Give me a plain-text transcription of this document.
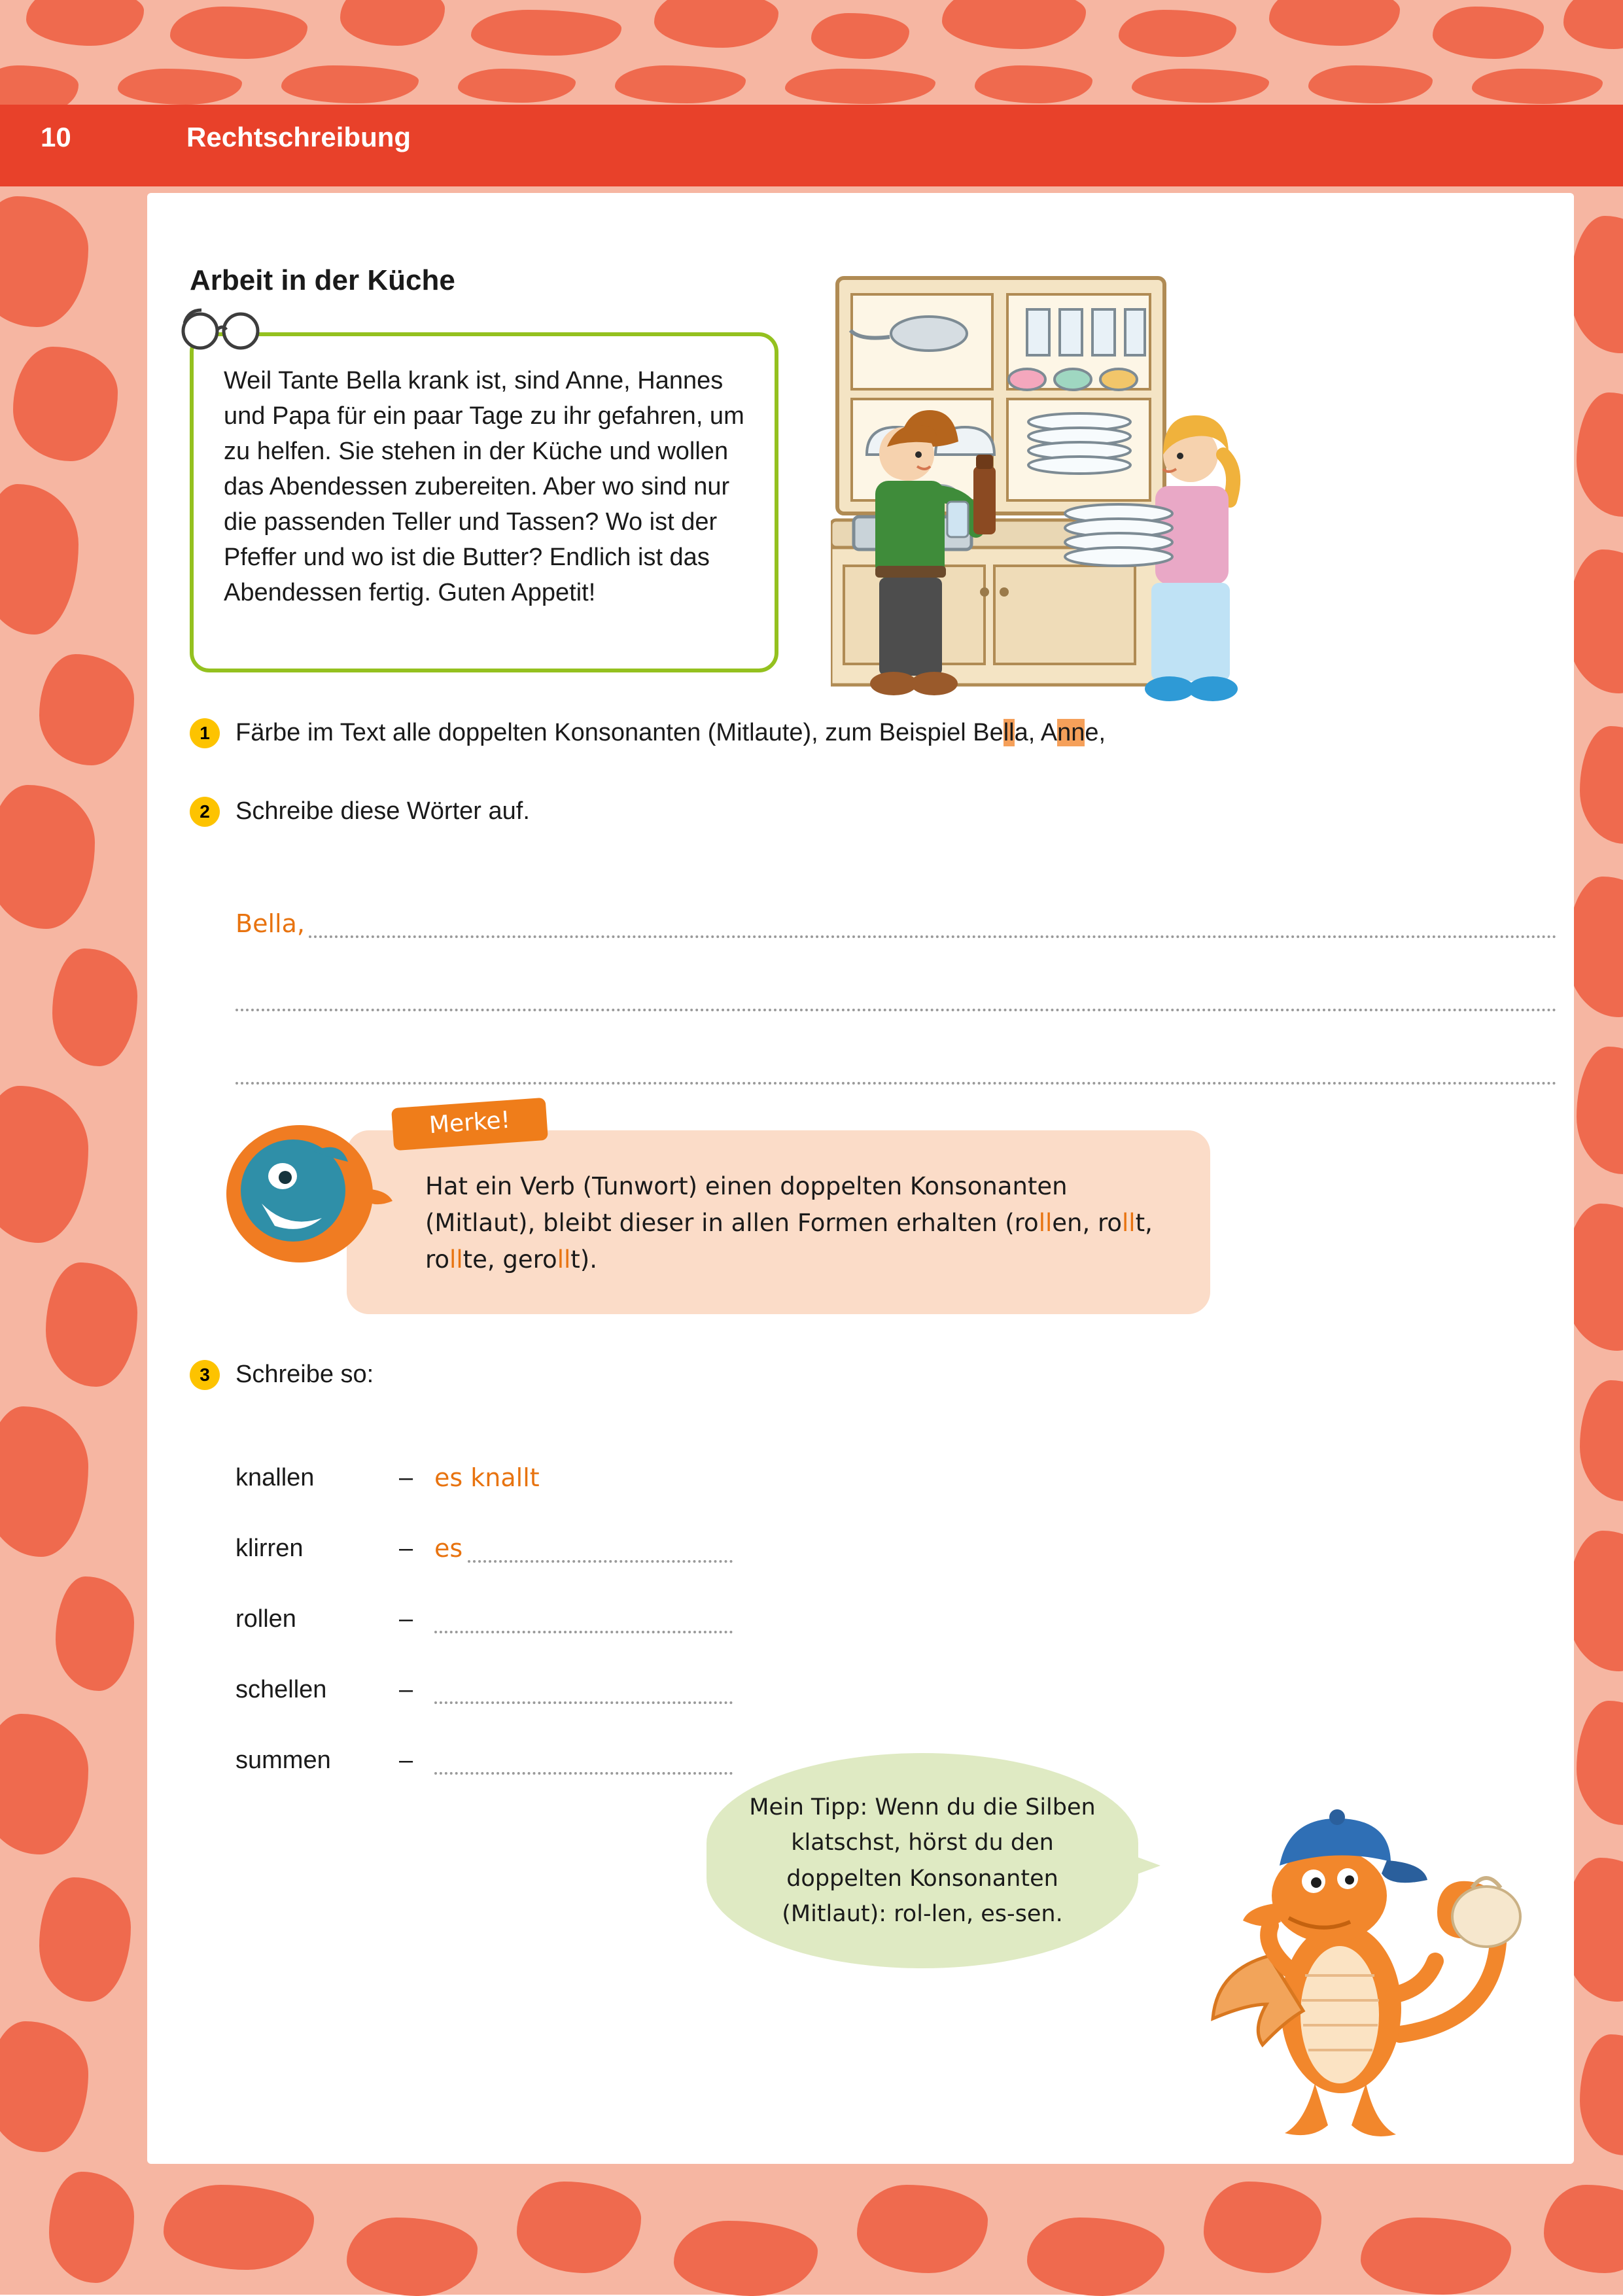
10	Rechtschreibung
Arbeit in der Küche
Weil Tante Bella krank ist, sind Anne, Hannes und Papa für ein paar Tage zu ihr gefahren, um zu helfen. Sie stehen in der Küche und wollen das Abendessen zubereiten. Aber wo sind nur die passenden Teller und Tassen? Wo ist der Pfeffer und wo ist die Butter? Endlich ist das Abendessen fertig. Guten Appetit!
1	Färbe im Text alle doppelten Konsonanten (Mitlaute), zum Beispiel Bella, Anne,
2	Schreibe diese Wörter auf.
Bella,
Merke!
Hat ein Verb (Tunwort) einen doppelten Konsonanten (Mitlaut), bleibt dieser in allen Formen erhalten (rollen, rollt, rollte, gerollt).
3	Schreibe so:
knallen	– es knallt
klirren	– es
rollen	–
schellen	–
summen	–
Mein Tipp: Wenn du die Silben klatschst, hörst du den doppelten Konsonanten (Mitlaut): rol-len, es-sen.
